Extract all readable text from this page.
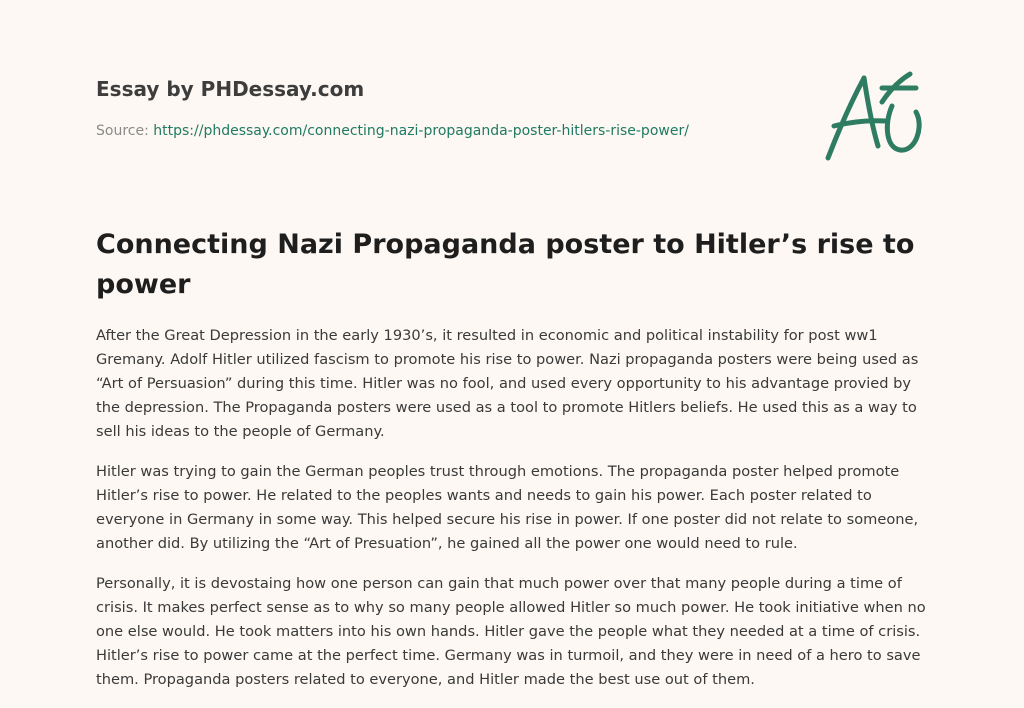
Essay by PHDessay.com
Source: https://phdessay.com/connecting-nazi-propaganda-poster-hitlers-rise-power/
Connecting Nazi Propaganda poster to Hitler’s rise to power

After the Great Depression in the early 1930’s, it resulted in economic and political instability for post ww1 Gremany. Adolf Hitler utilized fascism to promote his rise to power. Nazi propaganda posters were being used as “Art of Persuasion” during this time. Hitler was no fool, and used every opportunity to his advantage provied by the depression. The Propaganda posters were used as a tool to promote Hitlers beliefs. He used this as a way to sell his ideas to the people of Germany.

Hitler was trying to gain the German peoples trust through emotions. The propaganda poster helped promote Hitler’s rise to power. He related to the peoples wants and needs to gain his power. Each poster related to everyone in Germany in some way. This helped secure his rise in power. If one poster did not relate to someone, another did. By utilizing the “Art of Presuation”, he gained all the power one would need to rule.

Personally, it is devostaing how one person can gain that much power over that many people during a time of crisis. It makes perfect sense as to why so many people allowed Hitler so much power. He took initiative when no one else would. He took matters into his own hands. Hitler gave the people what they needed at a time of crisis. Hitler’s rise to power came at the perfect time. Germany was in turmoil, and they were in need of a hero to save them. Propaganda posters related to everyone, and Hitler made the best use out of them.
